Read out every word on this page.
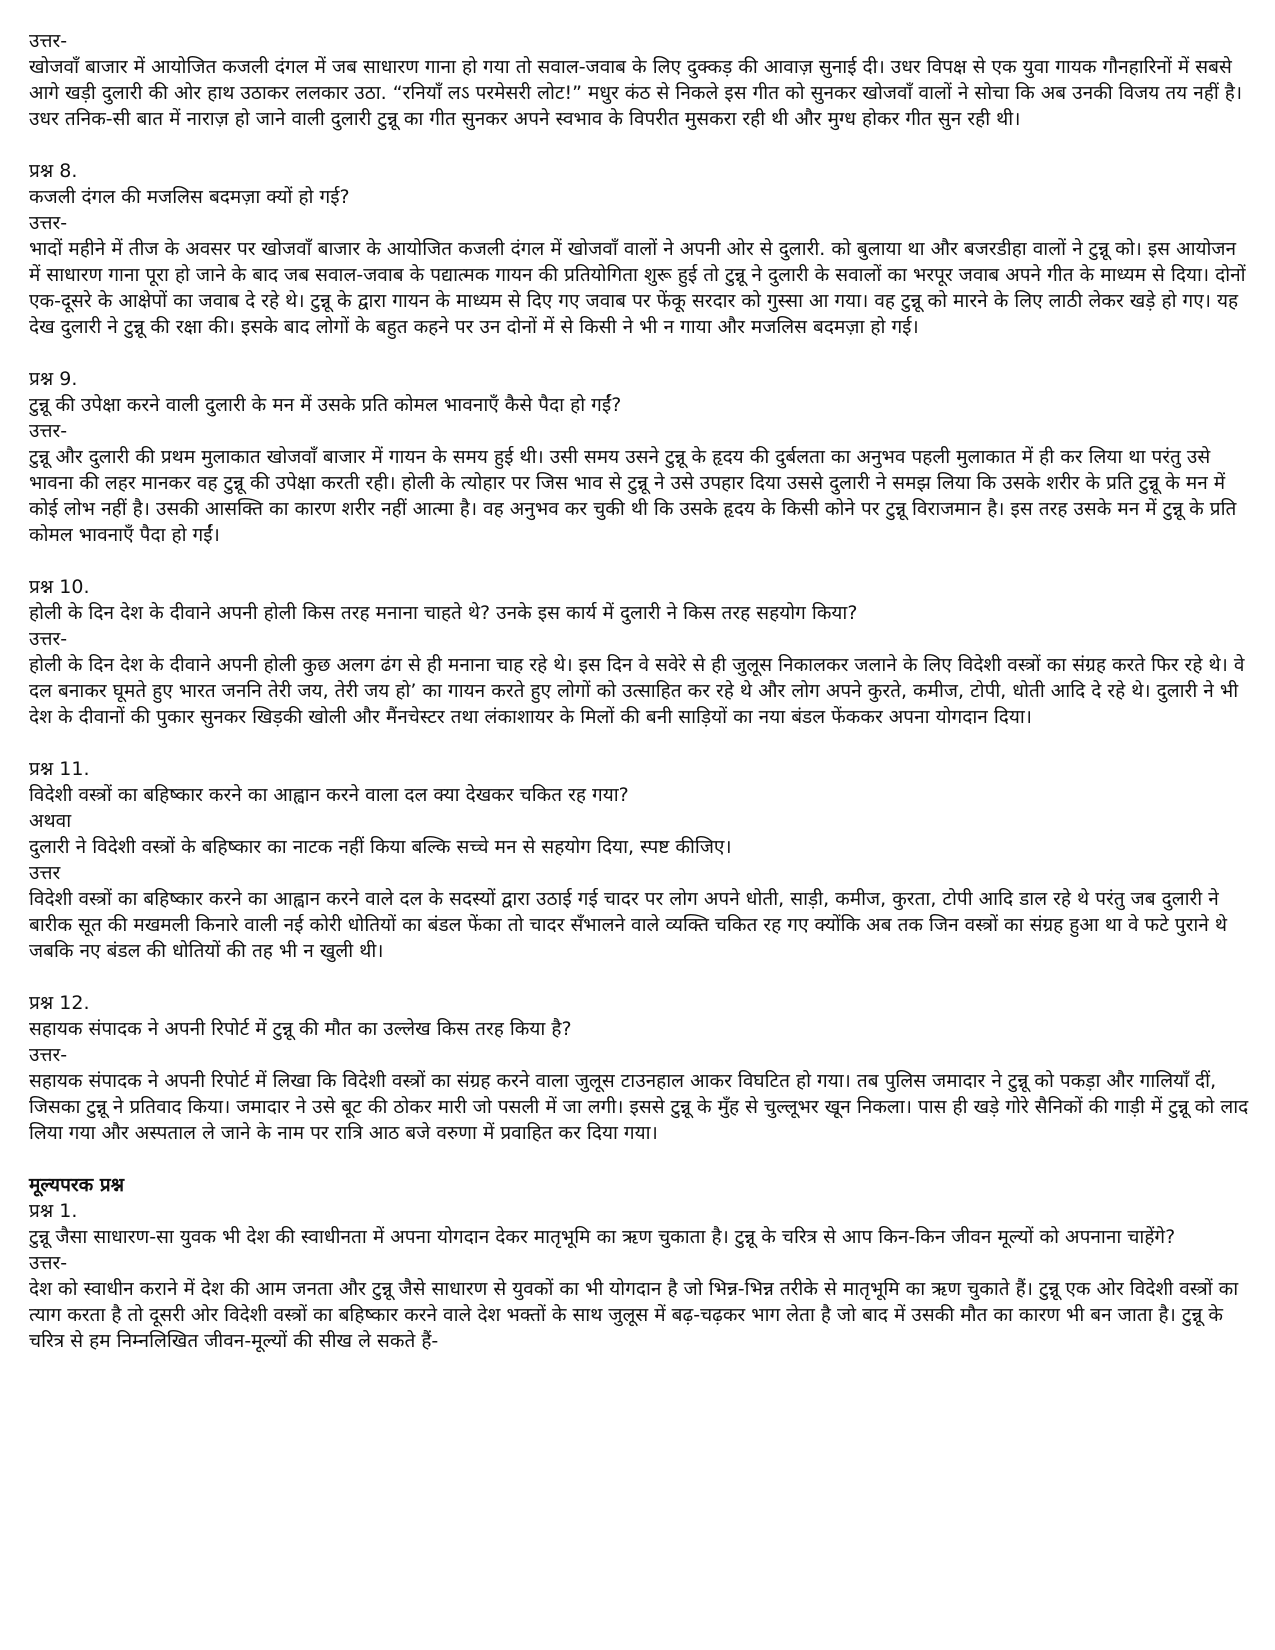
उत्तर-

खोजवाँ बाजार में आयोजित कजली दंगल में जब साधारण गाना हो गया तो सवाल-जवाब के लिए दुक्कड़ की आवाज़ सुनाई दी। उधर विपक्ष से एक युवा गायक गौनहारिनों में सबसे आगे खड़ी दुलारी की ओर हाथ उठाकर ललकार उठा. “रनियाँ लऽ परमेसरी लोट!” मधुर कंठ से निकले इस गीत को सुनकर खोजवाँ वालों ने सोचा कि अब उनकी विजय तय नहीं है। उधर तनिक-सी बात में नाराज़ हो जाने वाली दुलारी टुन्नू का गीत सुनकर अपने स्वभाव के विपरीत मुसकरा रही थी और मुग्ध होकर गीत सुन रही थी।

प्रश्न 8.

कजली दंगल की मजलिस बदमज़ा क्यों हो गई?

उत्तर-

भादों महीने में तीज के अवसर पर खोजवाँ बाजार के आयोजित कजली दंगल में खोजवाँ वालों ने अपनी ओर से दुलारी. को बुलाया था और बजरडीहा वालों ने टुन्नू को। इस आयोजन में साधारण गाना पूरा हो जाने के बाद जब सवाल-जवाब के पद्यात्मक गायन की प्रतियोगिता शुरू हुई तो टुन्नू ने दुलारी के सवालों का भरपूर जवाब अपने गीत के माध्यम से दिया। दोनों एक-दूसरे के आक्षेपों का जवाब दे रहे थे। टुन्नू के द्वारा गायन के माध्यम से दिए गए जवाब पर फेंकू सरदार को गुस्सा आ गया। वह टुन्नू को मारने के लिए लाठी लेकर खड़े हो गए। यह देख दुलारी ने टुन्नू की रक्षा की। इसके बाद लोगों के बहुत कहने पर उन दोनों में से किसी ने भी न गाया और मजलिस बदमज़ा हो गई।

प्रश्न 9.

टुन्नू की उपेक्षा करने वाली दुलारी के मन में उसके प्रति कोमल भावनाएँ कैसे पैदा हो गईं?

उत्तर-

टुन्नू और दुलारी की प्रथम मुलाकात खोजवाँ बाजार में गायन के समय हुई थी। उसी समय उसने टुन्नू के हृदय की दुर्बलता का अनुभव पहली मुलाकात में ही कर लिया था परंतु उसे भावना की लहर मानकर वह टुन्नू की उपेक्षा करती रही। होली के त्योहार पर जिस भाव से टुन्नू ने उसे उपहार दिया उससे दुलारी ने समझ लिया कि उसके शरीर के प्रति टुन्नू के मन में कोई लोभ नहीं है। उसकी आसक्ति का कारण शरीर नहीं आत्मा है। वह अनुभव कर चुकी थी कि उसके हृदय के किसी कोने पर टुन्नू विराजमान है। इस तरह उसके मन में टुन्नू के प्रति कोमल भावनाएँ पैदा हो गईं।

प्रश्न 10.

होली के दिन देश के दीवाने अपनी होली किस तरह मनाना चाहते थे? उनके इस कार्य में दुलारी ने किस तरह सहयोग किया?

उत्तर-

होली के दिन देश के दीवाने अपनी होली कुछ अलग ढंग से ही मनाना चाह रहे थे। इस दिन वे सवेरे से ही जुलूस निकालकर जलाने के लिए विदेशी वस्त्रों का संग्रह करते फिर रहे थे। वे दल बनाकर घूमते हुए भारत जननि तेरी जय, तेरी जय हो’ का गायन करते हुए लोगों को उत्साहित कर रहे थे और लोग अपने कुरते, कमीज, टोपी, धोती आदि दे रहे थे। दुलारी ने भी देश के दीवानों की पुकार सुनकर खिड़की खोली और मैंनचेस्टर तथा लंकाशायर के मिलों की बनी साड़ियों का नया बंडल फेंककर अपना योगदान दिया।

प्रश्न 11.

विदेशी वस्त्रों का बहिष्कार करने का आह्वान करने वाला दल क्या देखकर चकित रह गया?

अथवा

दुलारी ने विदेशी वस्त्रों के बहिष्कार का नाटक नहीं किया बल्कि सच्चे मन से सहयोग दिया, स्पष्ट कीजिए।

उत्तर

विदेशी वस्त्रों का बहिष्कार करने का आह्वान करने वाले दल के सदस्यों द्वारा उठाई गई चादर पर लोग अपने धोती, साड़ी, कमीज, कुरता, टोपी आदि डाल रहे थे परंतु जब दुलारी ने बारीक सूत की मखमली किनारे वाली नई कोरी धोतियों का बंडल फेंका तो चादर सँभालने वाले व्यक्ति चकित रह गए क्योंकि अब तक जिन वस्त्रों का संग्रह हुआ था वे फटे पुराने थे जबकि नए बंडल की धोतियों की तह भी न खुली थी।

प्रश्न 12.

सहायक संपादक ने अपनी रिपोर्ट में टुन्नू की मौत का उल्लेख किस तरह किया है?

उत्तर-

सहायक संपादक ने अपनी रिपोर्ट में लिखा कि विदेशी वस्त्रों का संग्रह करने वाला जुलूस टाउनहाल आकर विघटित हो गया। तब पुलिस जमादार ने टुन्नू को पकड़ा और गालियाँ दीं, जिसका टुन्नू ने प्रतिवाद किया। जमादार ने उसे बूट की ठोकर मारी जो पसली में जा लगी। इससे टुन्नू के मुँह से चुल्लूभर खून निकला। पास ही खड़े गोरे सैनिकों की गाड़ी में टुन्नू को लाद लिया गया और अस्पताल ले जाने के नाम पर रात्रि आठ बजे वरुणा में प्रवाहित कर दिया गया।

मूल्यपरक प्रश्न

प्रश्न 1.

टुन्नू जैसा साधारण-सा युवक भी देश की स्वाधीनता में अपना योगदान देकर मातृभूमि का ऋण चुकाता है। टुन्नू के चरित्र से आप किन-किन जीवन मूल्यों को अपनाना चाहेंगे?

उत्तर-

देश को स्वाधीन कराने में देश की आम जनता और टुन्नू जैसे साधारण से युवकों का भी योगदान है जो भिन्न-भिन्न तरीके से मातृभूमि का ऋण चुकाते हैं। टुन्नू एक ओर विदेशी वस्त्रों का त्याग करता है तो दूसरी ओर विदेशी वस्त्रों का बहिष्कार करने वाले देश भक्तों के साथ जुलूस में बढ़-चढ़कर भाग लेता है जो बाद में उसकी मौत का कारण भी बन जाता है। टुन्नू के चरित्र से हम निम्नलिखित जीवन-मूल्यों की सीख ले सकते हैं-
